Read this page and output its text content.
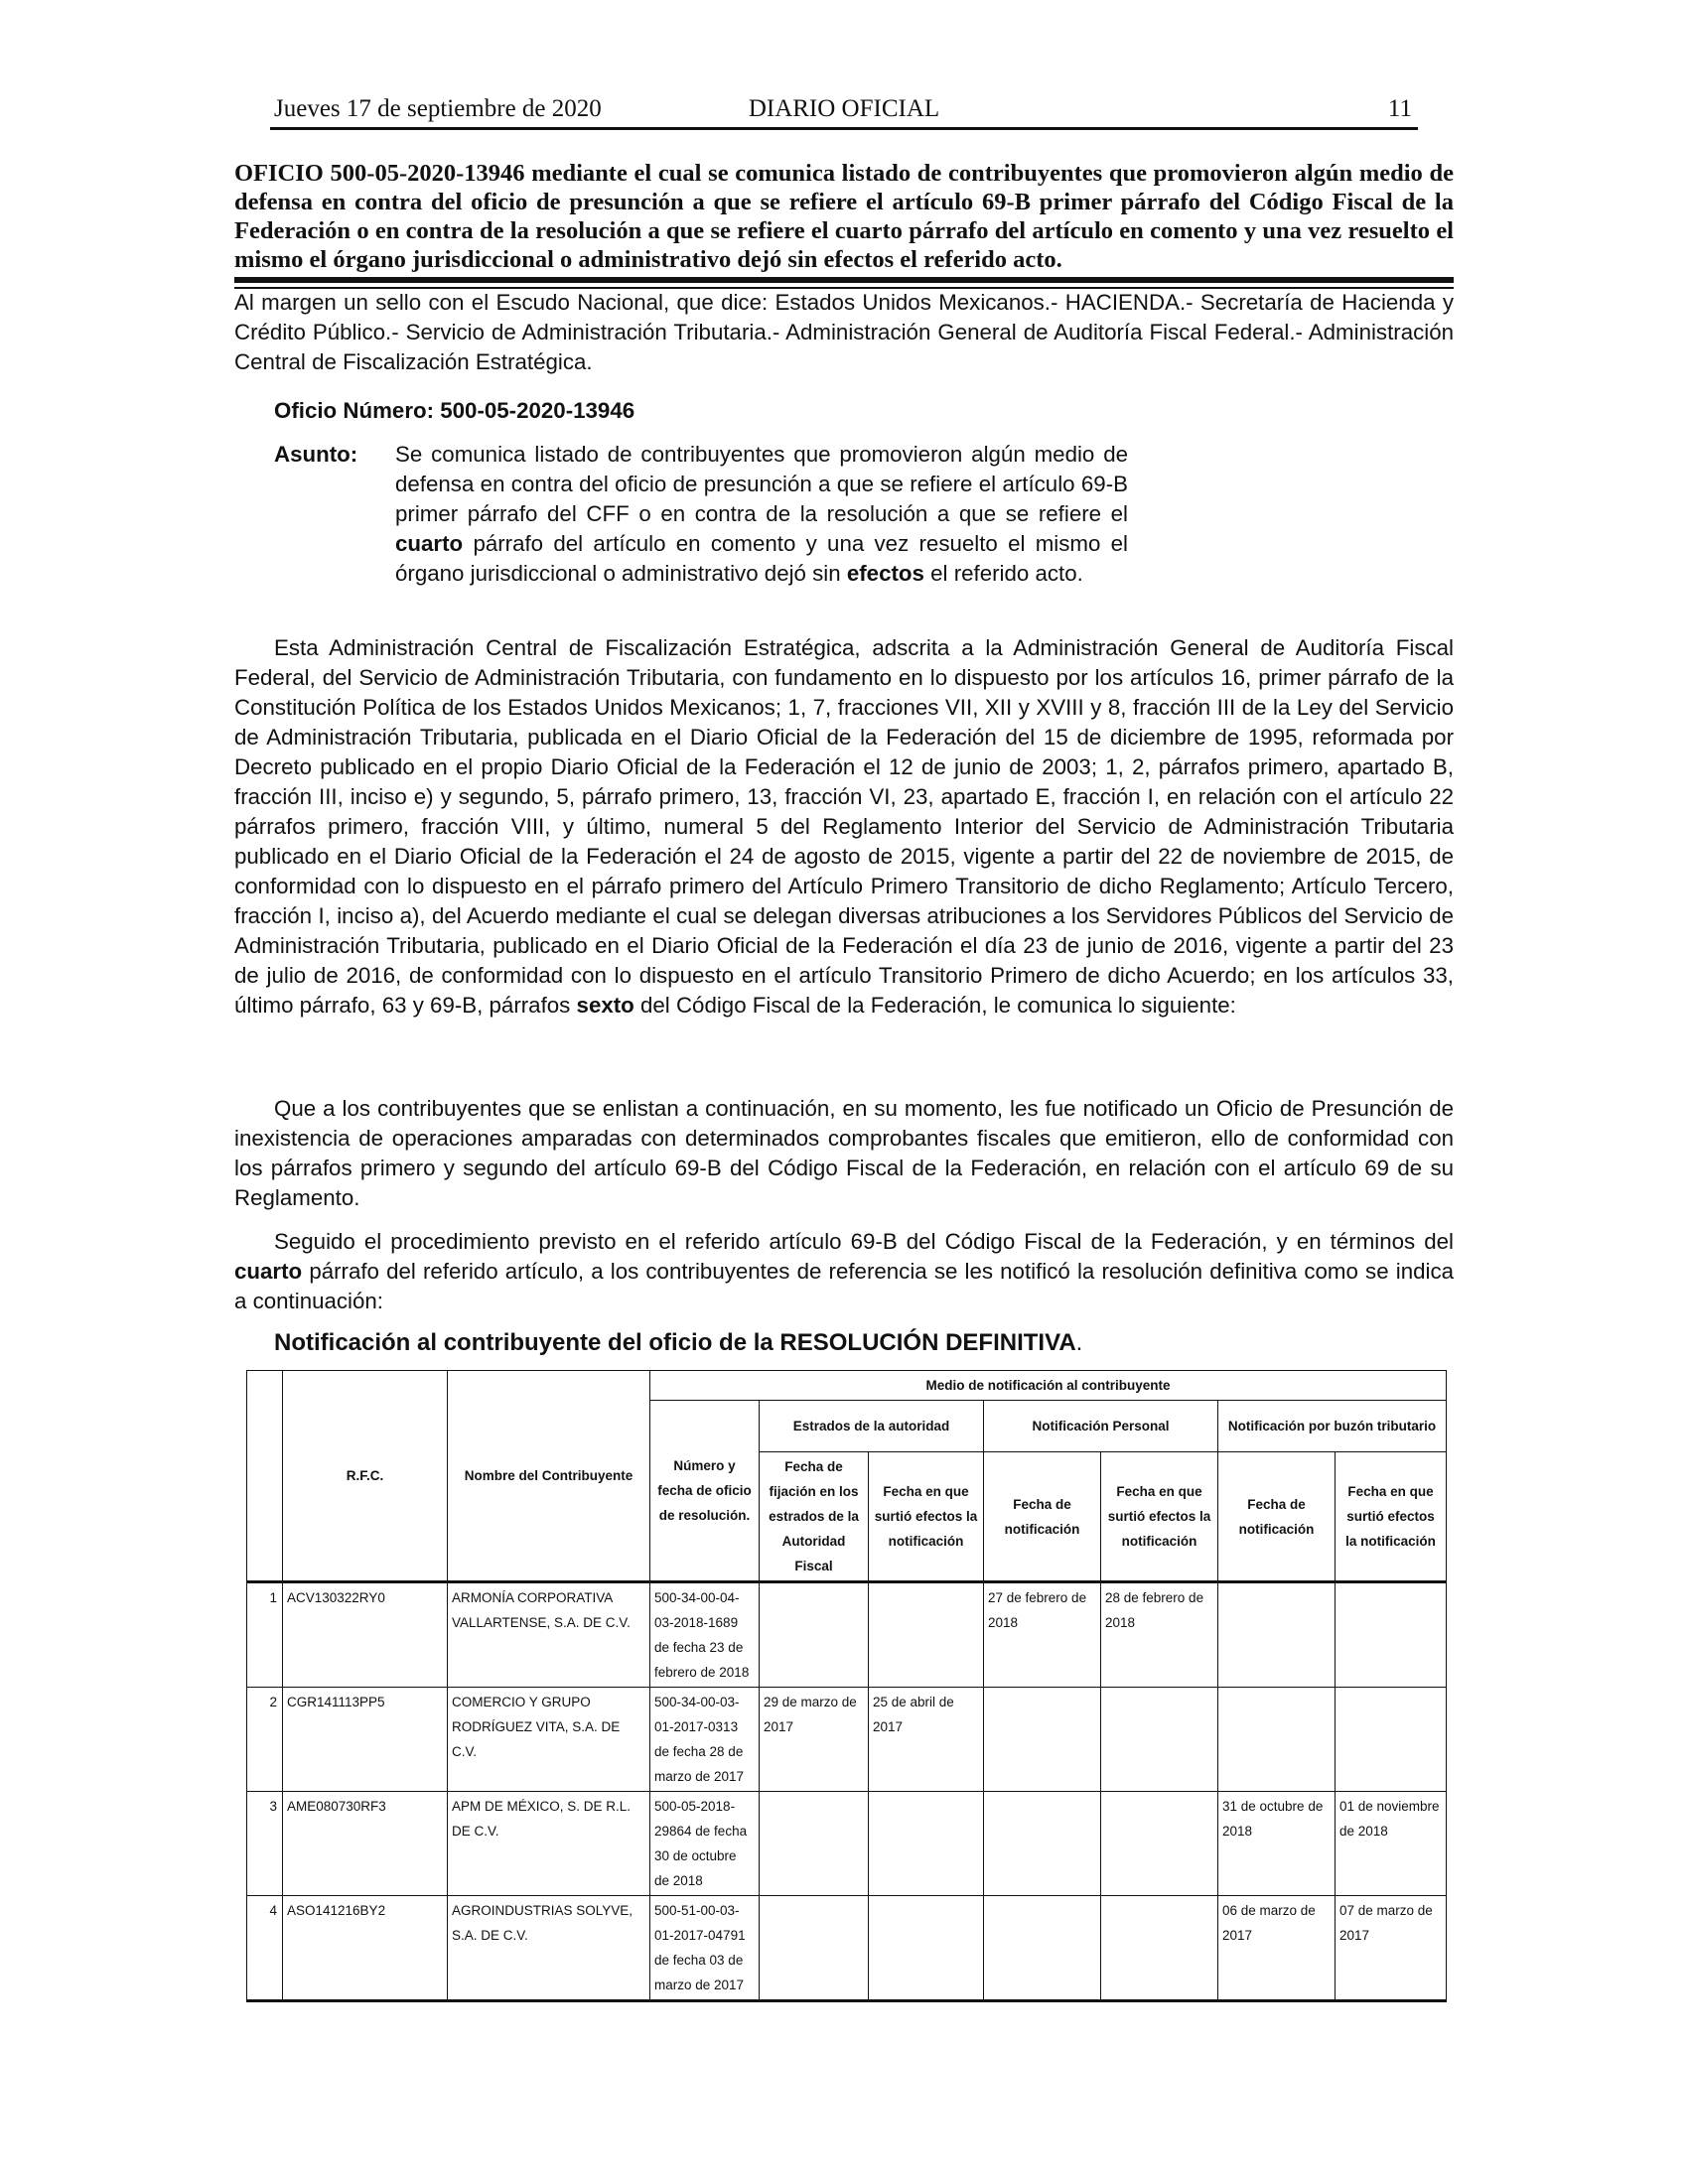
Jueves 17 de septiembre de 2020	DIARIO OFICIAL	11

OFICIO 500-05-2020-13946 mediante el cual se comunica listado de contribuyentes que promovieron algún medio de defensa en contra del oficio de presunción a que se refiere el artículo 69-B primer párrafo del Código Fiscal de la Federación o en contra de la resolución a que se refiere el cuarto párrafo del artículo en comento y una vez resuelto el mismo el órgano jurisdiccional o administrativo dejó sin efectos el referido acto.

Al margen un sello con el Escudo Nacional, que dice: Estados Unidos Mexicanos.- HACIENDA.- Secretaría de Hacienda y Crédito Público.- Servicio de Administración Tributaria.- Administración General de Auditoría Fiscal Federal.- Administración Central de Fiscalización Estratégica.

Oficio Número: 500-05-2020-13946

Asunto: Se comunica listado de contribuyentes que promovieron algún medio de defensa en contra del oficio de presunción a que se refiere el artículo 69-B primer párrafo del CFF o en contra de la resolución a que se refiere el cuarto párrafo del artículo en comento y una vez resuelto el mismo el órgano jurisdiccional o administrativo dejó sin efectos el referido acto.

Esta Administración Central de Fiscalización Estratégica, adscrita a la Administración General de Auditoría Fiscal Federal, del Servicio de Administración Tributaria, con fundamento en lo dispuesto por los artículos 16, primer párrafo de la Constitución Política de los Estados Unidos Mexicanos; 1, 7, fracciones VII, XII y XVIII y 8, fracción III de la Ley del Servicio de Administración Tributaria, publicada en el Diario Oficial de la Federación del 15 de diciembre de 1995, reformada por Decreto publicado en el propio Diario Oficial de la Federación el 12 de junio de 2003; 1, 2, párrafos primero, apartado B, fracción III, inciso e) y segundo, 5, párrafo primero, 13, fracción VI, 23, apartado E, fracción I, en relación con el artículo 22 párrafos primero, fracción VIII, y último, numeral 5 del Reglamento Interior del Servicio de Administración Tributaria publicado en el Diario Oficial de la Federación el 24 de agosto de 2015, vigente a partir del 22 de noviembre de 2015, de conformidad con lo dispuesto en el párrafo primero del Artículo Primero Transitorio de dicho Reglamento; Artículo Tercero, fracción I, inciso a), del Acuerdo mediante el cual se delegan diversas atribuciones a los Servidores Públicos del Servicio de Administración Tributaria, publicado en el Diario Oficial de la Federación el día 23 de junio de 2016, vigente a partir del 23 de julio de 2016, de conformidad con lo dispuesto en el artículo Transitorio Primero de dicho Acuerdo; en los artículos 33, último párrafo, 63 y 69-B, párrafos sexto del Código Fiscal de la Federación, le comunica lo siguiente:

Que a los contribuyentes que se enlistan a continuación, en su momento, les fue notificado un Oficio de Presunción de inexistencia de operaciones amparadas con determinados comprobantes fiscales que emitieron, ello de conformidad con los párrafos primero y segundo del artículo 69-B del Código Fiscal de la Federación, en relación con el artículo 69 de su Reglamento.

Seguido el procedimiento previsto en el referido artículo 69-B del Código Fiscal de la Federación, y en términos del cuarto párrafo del referido artículo, a los contribuyentes de referencia se les notificó la resolución definitiva como se indica a continuación:

Notificación al contribuyente del oficio de la RESOLUCIÓN DEFINITIVA.

	R.F.C.	Nombre del Contribuyente	Medio de notificación al contribuyente						
			Número y fecha de oficio de resolución.	Estrados de la autoridad		Notificación Personal		Notificación por buzón tributario	
				Fecha de fijación en los estrados de la Autoridad Fiscal	Fecha en que surtió efectos la notificación	Fecha de notificación	Fecha en que surtió efectos la notificación	Fecha de notificación	Fecha en que surtió efectos la notificación
1	ACV130322RY0	ARMONÍA CORPORATIVA VALLARTENSE, S.A. DE C.V.	500-34-00-04-03-2018-1689 de fecha 23 de febrero de 2018			27 de febrero de 2018	28 de febrero de 2018		
2	CGR141113PP5	COMERCIO Y GRUPO RODRÍGUEZ VITA, S.A. DE C.V.	500-34-00-03-01-2017-0313 de fecha 28 de marzo de 2017	29 de marzo de 2017	25 de abril de 2017				
3	AME080730RF3	APM DE MÉXICO, S. DE R.L. DE C.V.	500-05-2018-29864 de fecha 30 de octubre de 2018					31 de octubre de 2018	01 de noviembre de 2018
4	ASO141216BY2	AGROINDUSTRIAS SOLYVE, S.A. DE C.V.	500-51-00-03-01-2017-04791 de fecha 03 de marzo de 2017					06 de marzo de 2017	07 de marzo de 2017
